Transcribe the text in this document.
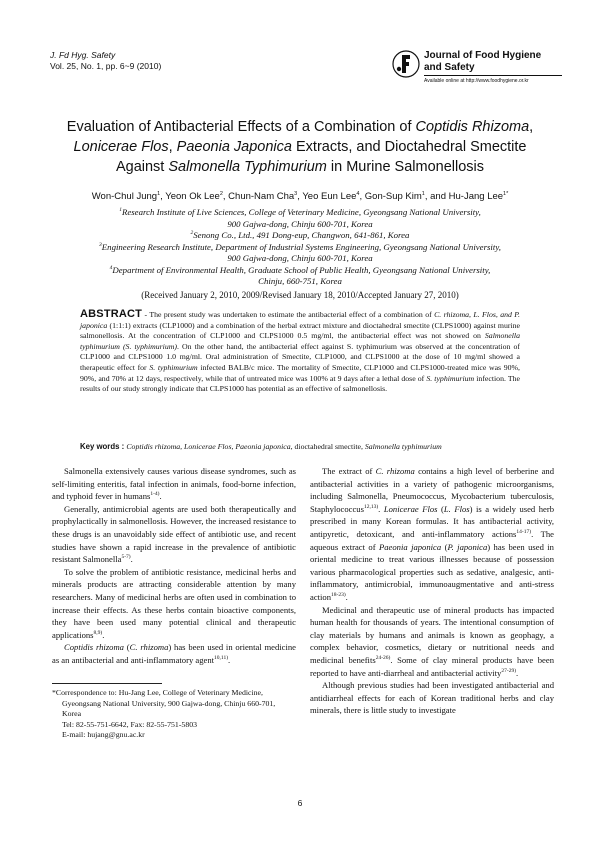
J. Fd Hyg. Safety
Vol. 25, No. 1, pp. 6~9 (2010)
Journal of Food Hygiene
and Safety
Available online at http://www.foodhygiene.or.kr
Evaluation of Antibacterial Effects of a Combination of Coptidis Rhizoma,
Lonicerae Flos, Paeonia Japonica Extracts, and Dioctahedral Smectite
Against Salmonella Typhimurium in Murine Salmonellosis
Won-Chul Jung$^1$, Yeon Ok Lee$^2$, Chun-Nam Cha$^3$, Yeo Eun Lee$^4$, Gon-Sup Kim$^1$, and Hu-Jang Lee$^{1*}$
$^1$Research Institute of Live Sciences, College of Veterinary Medicine, Gyeongsang National University,
900 Gajwa-dong, Chinju 600-701, Korea
$^2$Senong Co., Ltd., 491 Dong-eup, Changwon, 641-861, Korea
$^3$Engineering Research Institute, Department of Industrial Systems Engineering, Gyeongsang National University,
900 Gajwa-dong, Chinju 600-701, Korea
$^4$Department of Environmental Health, Graduate School of Public Health, Gyeongsang National University,
Chinju, 660-751, Korea
(Received January 2, 2010, 2009/Revised January 18, 2010/Accepted January 27, 2010)
ABSTRACT - The present study was undertaken to estimate the antibacterial effect of a combination of C. rhizoma, L. Flos, and P. japonica (1:1:1) extracts (CLP1000) and a combination of the herbal extract mixture and dioctahedral smectite (CLPS1000) against murine salmonellosis. At the concentration of CLP1000 and CLPS1000 0.5 mg/ml, the antibacterial effect was not showed on Salmonella typhimurium (S. typhimurium). On the other hand, the antibacterial effect against S. typhimurium was observed at the concentration of CLP1000 and CLPS1000 1.0 mg/ml. Oral administration of Smectite, CLP1000, and CLPS1000 at the dose of 10 mg/ml showed a therapeutic effect for S. typhimurium infected BALB/c mice. The mortality of Smectite, CLP1000 and CLPS1000-treated mice was 90%, 90%, and 70% at 12 days, respectively, while that of untreated mice was 100% at 9 days after a lethal dose of S. typhimurium infection. The results of our study strongly indicate that CLPS1000 has potential as an effective of salmonellosis.
Key words : Coptidis rhizoma, Lonicerae Flos, Paeonia japonica, dioctahedral smectite, Salmonella typhimurium

Salmonella extensively causes various disease syndromes, such as self-limiting enteritis, fatal infection in animals, food-borne infection, and typhoid fever in humans$^{1-4)}$.

Generally, antimicrobial agents are used both therapeutically and prophylactically in salmonellosis. However, the increased resistance to these drugs is an unavoidably side effect of antibiotic use, and recent studies have shown a rapid increase in the prevalence of antibiotic resistant Salmonella$^{5-7)}$.

To solve the problem of antibiotic resistance, medicinal herbs and minerals products are attracting considerable attention by many researchers. Many of medicinal herbs are often used in combination to increase their effects. As these herbs contain bioactive components, they have been used many potential clinical and therapeutic applications$^{8,9)}$.

Coptidis rhizoma (C. rhizoma) has been used in oriental medicine as an antibacterial and anti-inflammatory agent$^{10,11)}$.

*Correspondence to: Hu-Jang Lee, College of Veterinary Medicine,
Gyeongsang National University, 900 Gajwa-dong, Chinju 660-701, Korea
Tel: 82-55-751-6642, Fax: 82-55-751-5803
E-mail: hujang@gnu.ac.kr

The extract of C. rhizoma contains a high level of berberine and antibacterial activities in a variety of pathogenic microorganisms, including Salmonella, Pneumococcus, Mycobacterium tuberculosis, Staphylococcus$^{12,13)}$. Lonicerae Flos (L. Flos) is a widely used herb prescribed in many Korean formulas. It has antibacterial activity, antipyretic, detoxicant, and anti-inflammatory actions$^{14-17)}$. The aqueous extract of Paeonia japonica (P. japonica) has been used in oriental medicine to treat various illnesses because of possession various pharmacological properties such as sedative, analgesic, anti-inflammatory, antimicrobial, immunoaugmentative and anti-stress action$^{18-23)}$.

Medicinal and therapeutic use of mineral products has impacted human health for thousands of years. The intentional consumption of clay materials by humans and animals is known as geophagy, a complex behavior, cosmetics, dietary or nutritional needs and medicinal benefits$^{24-26)}$. Some of clay mineral products have been reported to have anti-diarrheal and antibacterial activity$^{27-29)}$.

Although previous studies had been investigated antibacterial and antidiarrheal effects for each of Korean traditional herbs and clay minerals, there is little study to investigate

6
